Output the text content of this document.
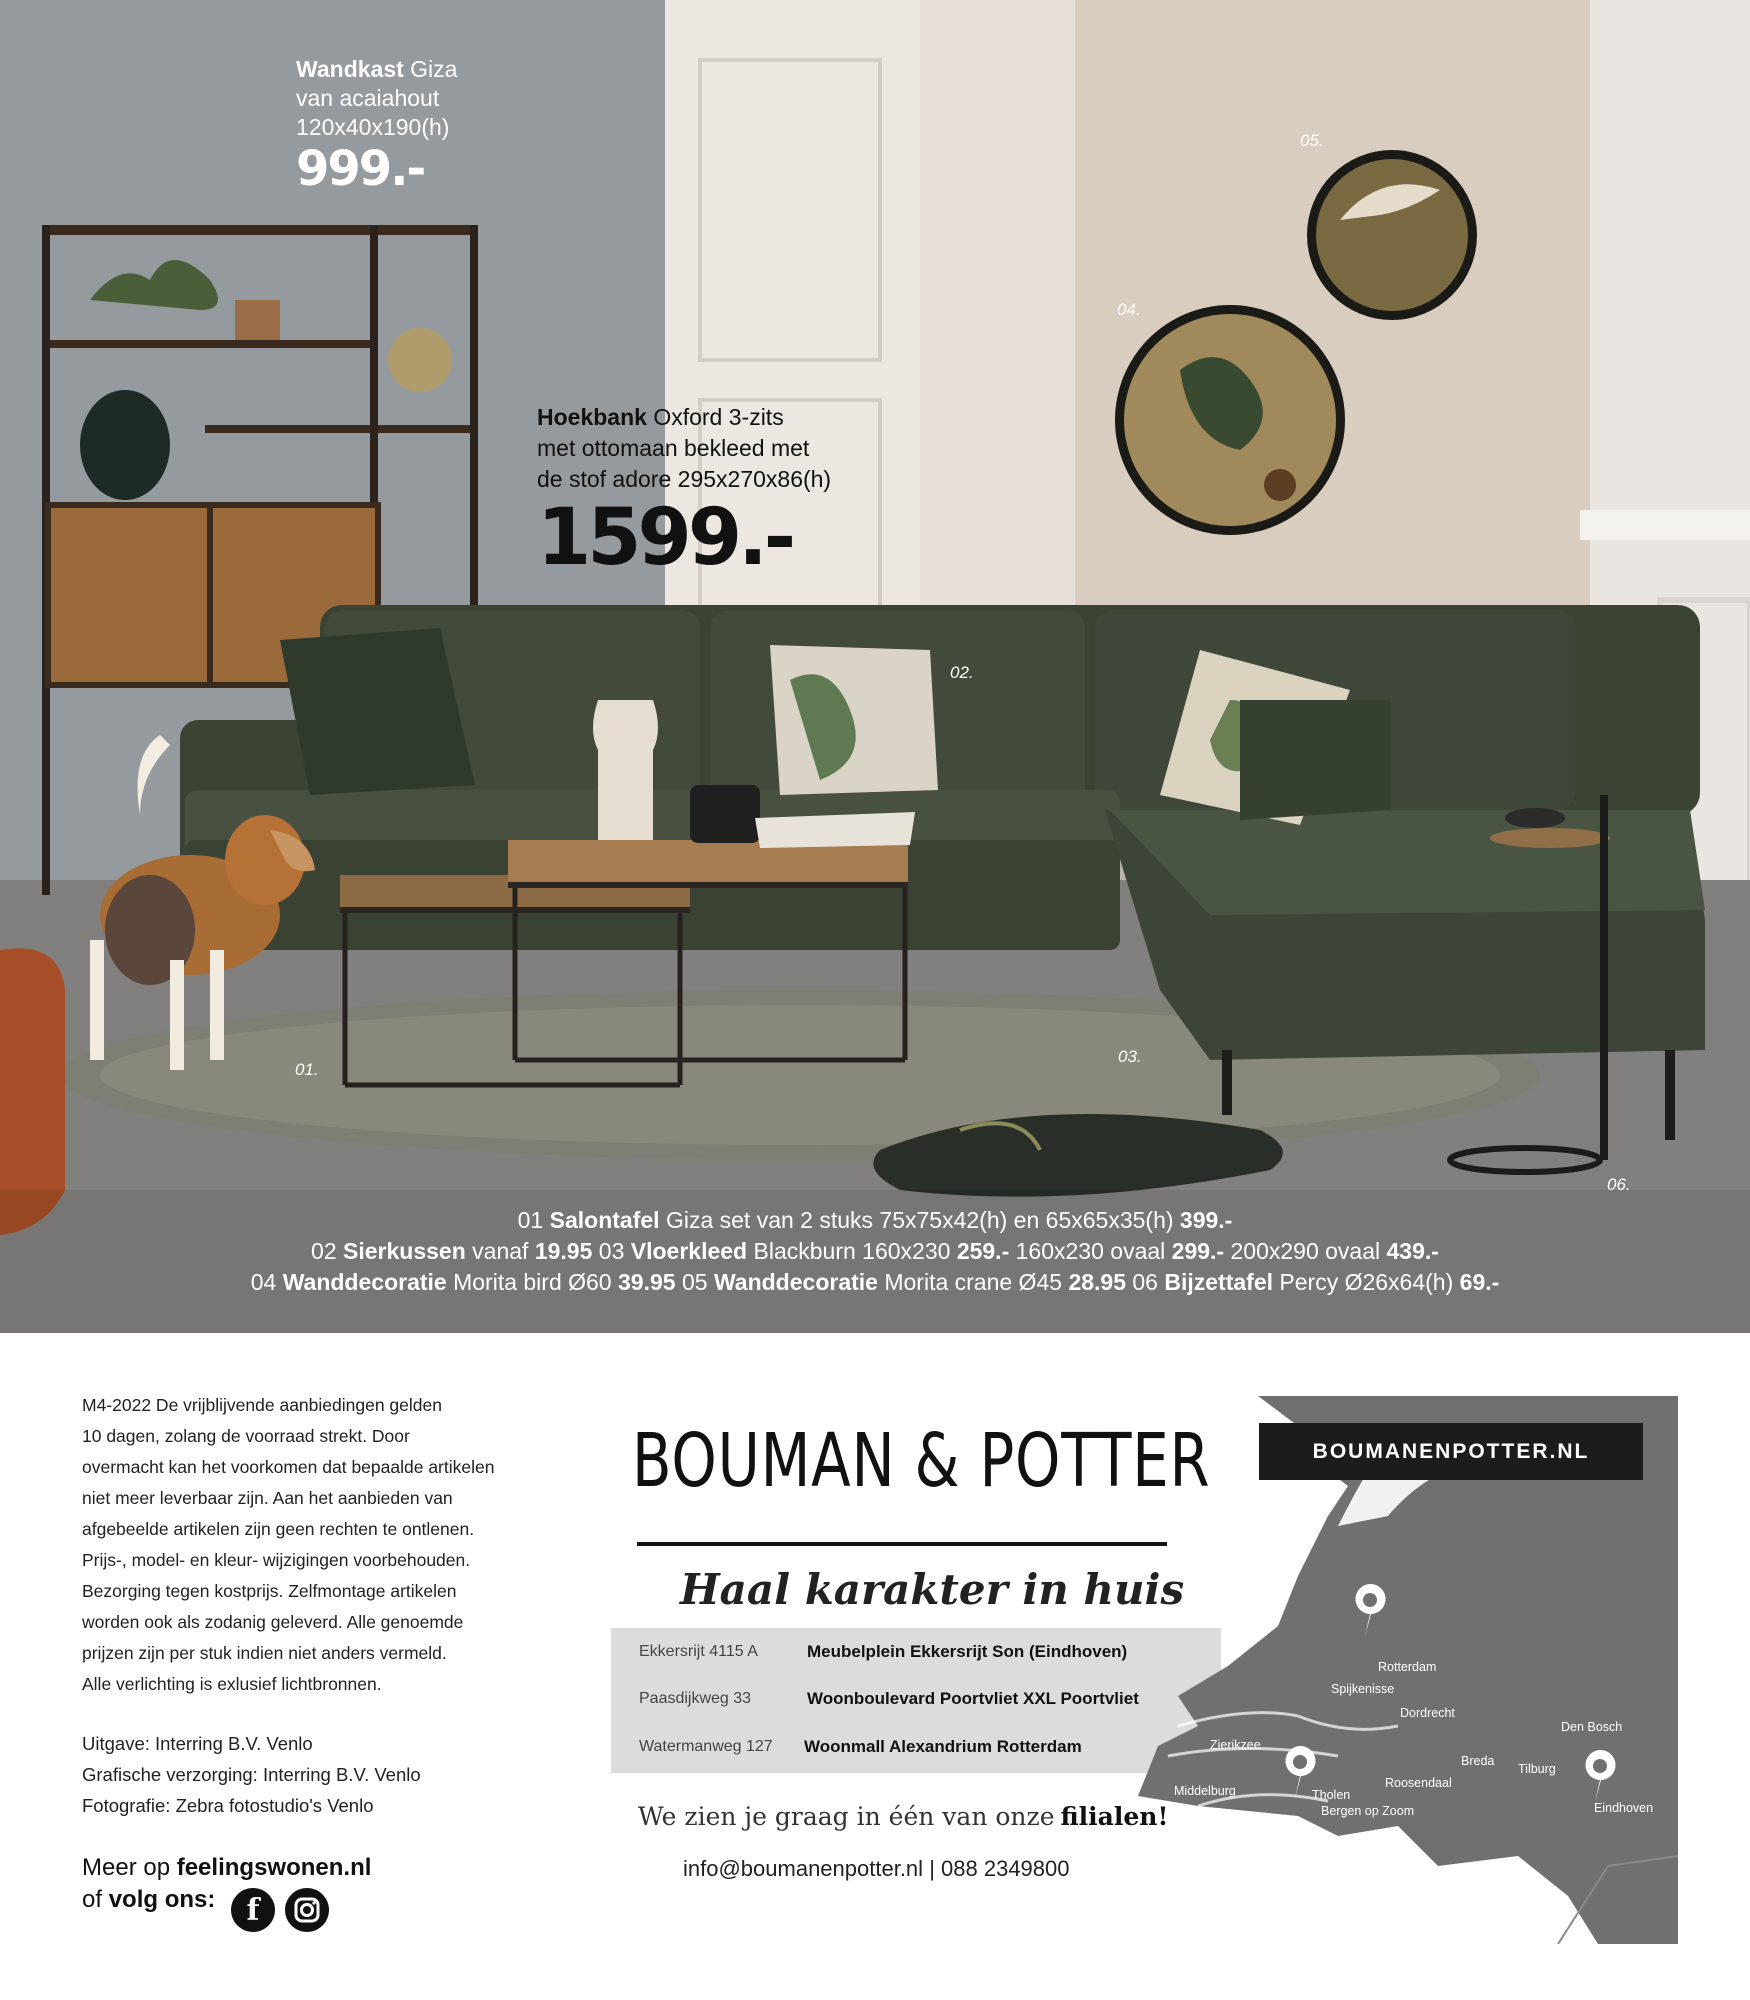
Wandkast Giza
van acaiahout
120x40x190(h)
999.-
Hoekbank Oxford 3-zits
met ottomaan bekleed met
de stof adore 295x270x86(h)
1599.-
01.
02.
03.
04.
05.
06.
01 Salontafel Giza set van 2 stuks 75x75x42(h) en 65x65x35(h) 399.-
02 Sierkussen vanaf 19.95 03 Vloerkleed Blackburn 160x230 259.- 160x230 ovaal 299.- 200x290 ovaal 439.-
04 Wanddecoratie Morita bird Ø60 39.95 05 Wanddecoratie Morita crane Ø45 28.95 06 Bijzettafel Percy Ø26x64(h) 69.-
M4-2022 De vrijblijvende aanbiedingen gelden
10 dagen, zolang de voorraad strekt. Door
overmacht kan het voorkomen dat bepaalde artikelen
niet meer leverbaar zijn. Aan het aanbieden van
afgebeelde artikelen zijn geen rechten te ontlenen.
Prijs-, model- en kleur- wijzigingen voorbehouden.
Bezorging tegen kostprijs. Zelfmontage artikelen
worden ook als zodanig geleverd. Alle genoemde
prijzen zijn per stuk indien niet anders vermeld.
Alle verlichting is exlusief lichtbronnen.
Uitgave: Interring B.V. Venlo
Grafische verzorging: Interring B.V. Venlo
Fotografie: Zebra fotostudio's Venlo
Meer op feelingswonen.nl
of volg ons:	f
BOUMAN & POTTER
Haal karakter in huis
Ekkersrijt 4115 A	Meubelplein Ekkersrijt Son (Eindhoven)
Paasdijkweg 33	Woonboulevard Poortvliet XXL Poortvliet
Watermanweg 127 Woonmall Alexandrium Rotterdam
We zien je graag in één van onze filialen!
info@boumanenpotter.nl | 088 2349800
Rotterdam
Spijkenisse
Dordrecht
Den Bosch
Zierikzee
Breda
Tilburg
Middelburg	Tholen
Roosendaal
Bergen op Zoom	Eindhoven
Vlissingen Goes
Terneuzen	Antwerpen
BOUMANENPOTTER.NL
